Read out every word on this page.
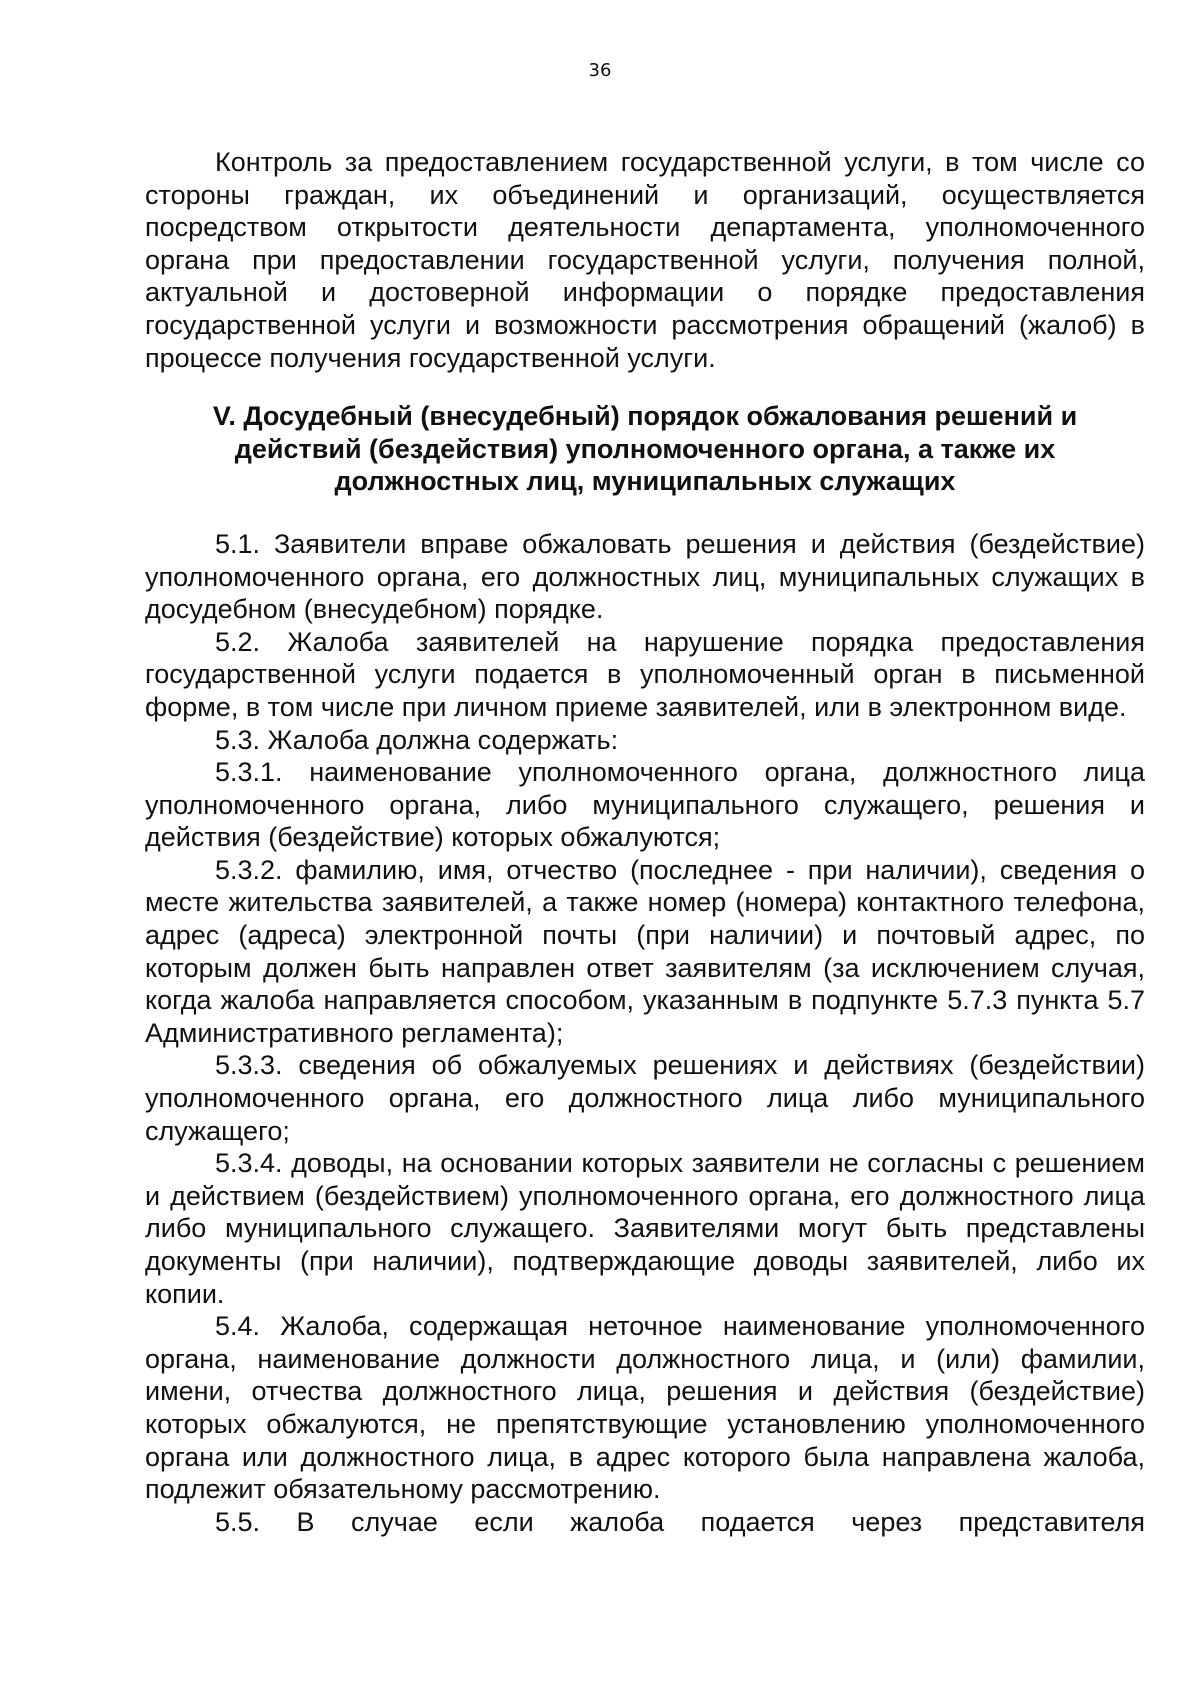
36

Контроль за предоставлением государственной услуги, в том числе со стороны граждан, их объединений и организаций, осуществляется посредством открытости деятельности департамента, уполномоченного органа при предоставлении государственной услуги, получения полной, актуальной и достоверной информации о порядке предоставления государственной услуги и возможности рассмотрения обращений (жалоб) в процессе получения государственной услуги.

V. Досудебный (внесудебный) порядок обжалования решений и действий (бездействия) уполномоченного органа, а также их должностных лиц, муниципальных служащих

5.1. Заявители вправе обжаловать решения и действия (бездействие) уполномоченного органа, его должностных лиц, муниципальных служащих в досудебном (внесудебном) порядке.

5.2. Жалоба заявителей на нарушение порядка предоставления государственной услуги подается в уполномоченный орган в письменной форме, в том числе при личном приеме заявителей, или в электронном виде.

5.3. Жалоба должна содержать:

5.3.1. наименование уполномоченного органа, должностного лица уполномоченного органа, либо муниципального служащего, решения и действия (бездействие) которых обжалуются;

5.3.2. фамилию, имя, отчество (последнее - при наличии), сведения о месте жительства заявителей, а также номер (номера) контактного телефона, адрес (адреса) электронной почты (при наличии) и почтовый адрес, по которым должен быть направлен ответ заявителям (за исключением случая, когда жалоба направляется способом, указанным в подпункте 5.7.3 пункта 5.7 Административного регламента);

5.3.3. сведения об обжалуемых решениях и действиях (бездействии) уполномоченного органа, его должностного лица либо муниципального служащего;

5.3.4. доводы, на основании которых заявители не согласны с решением и действием (бездействием) уполномоченного органа, его должностного лица либо муниципального служащего. Заявителями могут быть представлены документы (при наличии), подтверждающие доводы заявителей, либо их копии.

5.4. Жалоба, содержащая неточное наименование уполномоченного органа, наименование должности должностного лица, и (или) фамилии, имени, отчества должностного лица, решения и действия (бездействие) которых обжалуются, не препятствующие установлению уполномоченного органа или должностного лица, в адрес которого была направлена жалоба, подлежит обязательному рассмотрению.

5.5. В случае если жалоба подается через представителя
